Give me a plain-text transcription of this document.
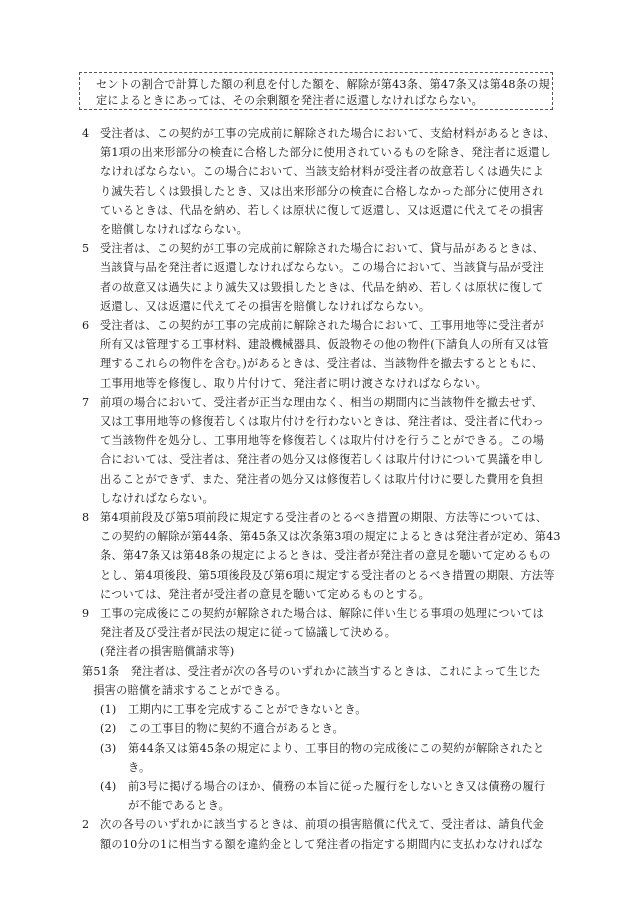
セントの割合で計算した額の利息を付した額を、解除が第43条、第47条又は第48条の規
定によるときにあっては、その余剰額を発注者に返還しなければならない。
4 受注者は、この契約が工事の完成前に解除された場合において、支給材料があるときは、
第1項の出来形部分の検査に合格した部分に使用されているものを除き、発注者に返還し
なければならない。この場合において、当該支給材料が受注者の故意若しくは過失によ
り滅失若しくは毀損したとき、又は出来形部分の検査に合格しなかった部分に使用され
ているときは、代品を納め、若しくは原状に復して返還し、又は返還に代えてその損害
を賠償しなければならない。
5 受注者は、この契約が工事の完成前に解除された場合において、貸与品があるときは、
当該貸与品を発注者に返還しなければならない。この場合において、当該貸与品が受注
者の故意又は過失により滅失又は毀損したときは、代品を納め、若しくは原状に復して
返還し、又は返還に代えてその損害を賠償しなければならない。
6 受注者は、この契約が工事の完成前に解除された場合において、工事用地等に受注者が
所有又は管理する工事材料、建設機械器具、仮設物その他の物件(下請負人の所有又は管
理するこれらの物件を含む。)があるときは、受注者は、当該物件を撤去するとともに、
工事用地等を修復し、取り片付けて、発注者に明け渡さなければならない。
7 前項の場合において、受注者が正当な理由なく、相当の期間内に当該物件を撤去せず、
又は工事用地等の修復若しくは取片付けを行わないときは、発注者は、受注者に代わっ
て当該物件を処分し、工事用地等を修復若しくは取片付けを行うことができる。この場
合においては、受注者は、発注者の処分又は修復若しくは取片付けについて異議を申し
出ることができず、また、発注者の処分又は修復若しくは取片付けに要した費用を負担
しなければならない。
8 第4項前段及び第5項前段に規定する受注者のとるべき措置の期限、方法等については、
この契約の解除が第44条、第45条又は次条第3項の規定によるときは発注者が定め、第43
条、第47条又は第48条の規定によるときは、受注者が発注者の意見を聴いて定めるもの
とし、第4項後段、第5項後段及び第6項に規定する受注者のとるべき措置の期限、方法等
については、発注者が受注者の意見を聴いて定めるものとする。
9 工事の完成後にこの契約が解除された場合は、解除に伴い生じる事項の処理については
発注者及び受注者が民法の規定に従って協議して決める。
(発注者の損害賠償請求等)
第51条　発注者は、受注者が次の各号のいずれかに該当するときは、これによって生じた
　損害の賠償を請求することができる。
(1) 工期内に工事を完成することができないとき。
(2) この工事目的物に契約不適合があるとき。
(3) 第44条又は第45条の規定により、工事目的物の完成後にこの契約が解除されたと
き。
(4) 前3号に掲げる場合のほか、債務の本旨に従った履行をしないとき又は債務の履行
が不能であるとき。
2 次の各号のいずれかに該当するときは、前項の損害賠償に代えて、受注者は、請負代金
額の10分の1に相当する額を違約金として発注者の指定する期間内に支払わなければな
